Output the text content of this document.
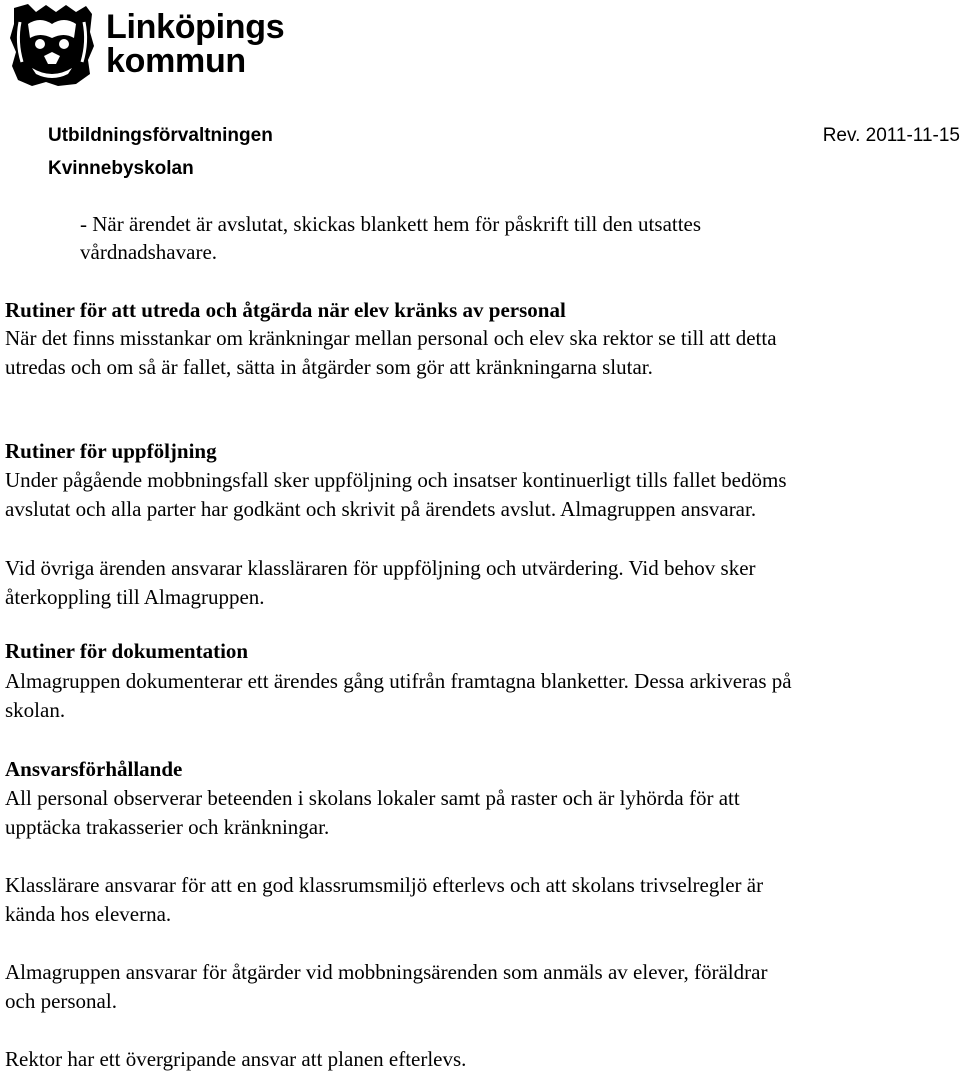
Linköpings
kommun
Utbildningsförvaltningen	Rev. 2011-11-15
Kvinnebyskolan
- När ärendet är avslutat, skickas blankett hem för påskrift till den utsattes
vårdnadshavare.
Rutiner för att utreda och åtgärda när elev kränks av personal
När det finns misstankar om kränkningar mellan personal och elev ska rektor se till att detta
utredas och om så är fallet, sätta in åtgärder som gör att kränkningarna slutar.
Rutiner för uppföljning
Under pågående mobbningsfall sker uppföljning och insatser kontinuerligt tills fallet bedöms
avslutat och alla parter har godkänt och skrivit på ärendets avslut. Almagruppen ansvarar.
Vid övriga ärenden ansvarar klassläraren för uppföljning och utvärdering. Vid behov sker
återkoppling till Almagruppen.
Rutiner för dokumentation
Almagruppen dokumenterar ett ärendes gång utifrån framtagna blanketter. Dessa arkiveras på
skolan.
Ansvarsförhållande
All personal observerar beteenden i skolans lokaler samt på raster och är lyhörda för att
upptäcka trakasserier och kränkningar.
Klasslärare ansvarar för att en god klassrumsmiljö efterlevs och att skolans trivselregler är
kända hos eleverna.
Almagruppen ansvarar för åtgärder vid mobbningsärenden som anmäls av elever, föräldrar
och personal.
Rektor har ett övergripande ansvar att planen efterlevs.
